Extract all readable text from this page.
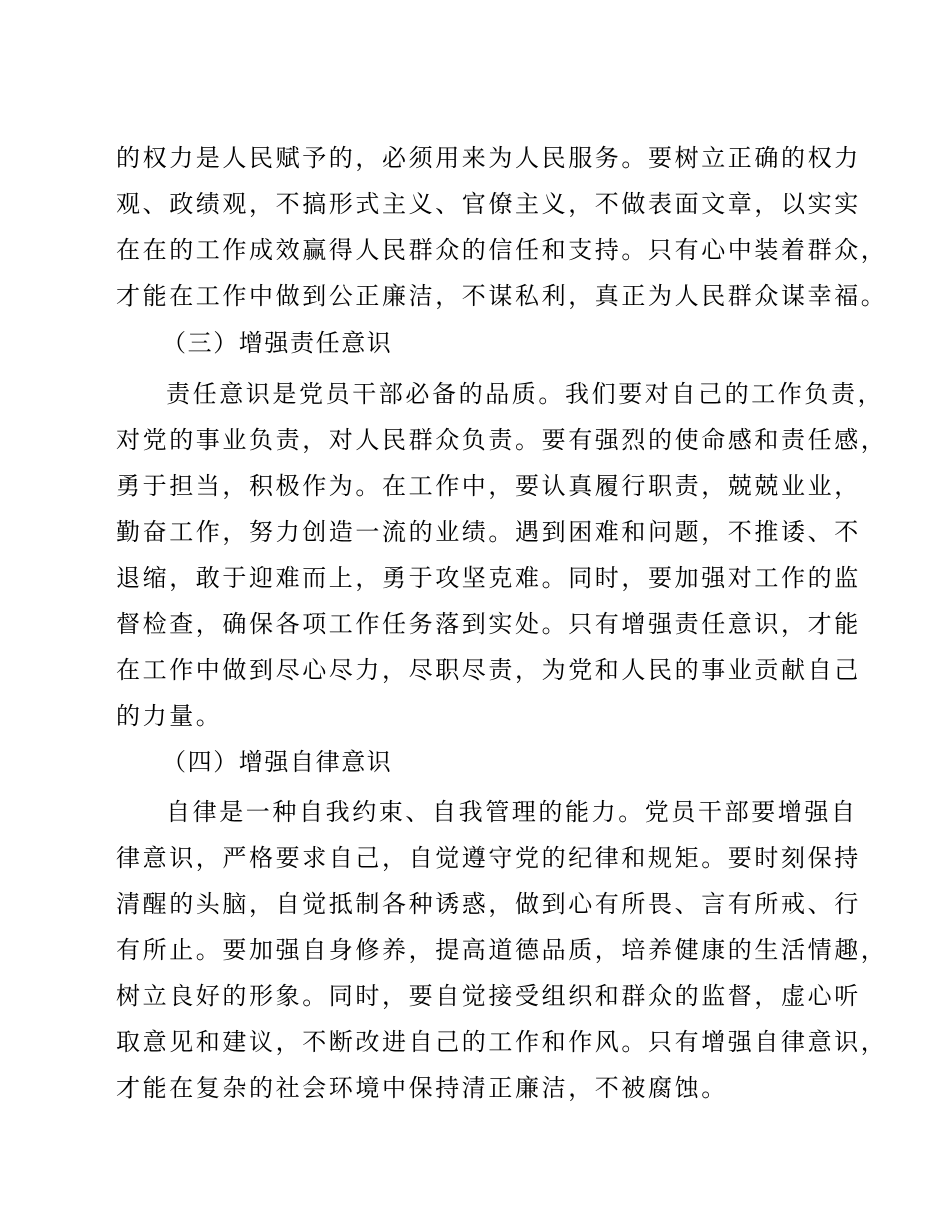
的权力是人民赋予的，必须用来为人民服务。要树立正确的权力
观、政绩观，不搞形式主义、官僚主义，不做表面文章，以实实
在在的工作成效赢得人民群众的信任和支持。只有心中装着群众，
才能在工作中做到公正廉洁，不谋私利，真正为人民群众谋幸福。
（三）增强责任意识
责任意识是党员干部必备的品质。我们要对自己的工作负责，
对党的事业负责，对人民群众负责。要有强烈的使命感和责任感，
勇于担当，积极作为。在工作中，要认真履行职责，兢兢业业，
勤奋工作，努力创造一流的业绩。遇到困难和问题，不推诿、不
退缩，敢于迎难而上，勇于攻坚克难。同时，要加强对工作的监
督检查，确保各项工作任务落到实处。只有增强责任意识，才能
在工作中做到尽心尽力，尽职尽责，为党和人民的事业贡献自己
的力量。
（四）增强自律意识
自律是一种自我约束、自我管理的能力。党员干部要增强自
律意识，严格要求自己，自觉遵守党的纪律和规矩。要时刻保持
清醒的头脑，自觉抵制各种诱惑，做到心有所畏、言有所戒、行
有所止。要加强自身修养，提高道德品质，培养健康的生活情趣，
树立良好的形象。同时，要自觉接受组织和群众的监督，虚心听
取意见和建议，不断改进自己的工作和作风。只有增强自律意识，
才能在复杂的社会环境中保持清正廉洁，不被腐蚀。
